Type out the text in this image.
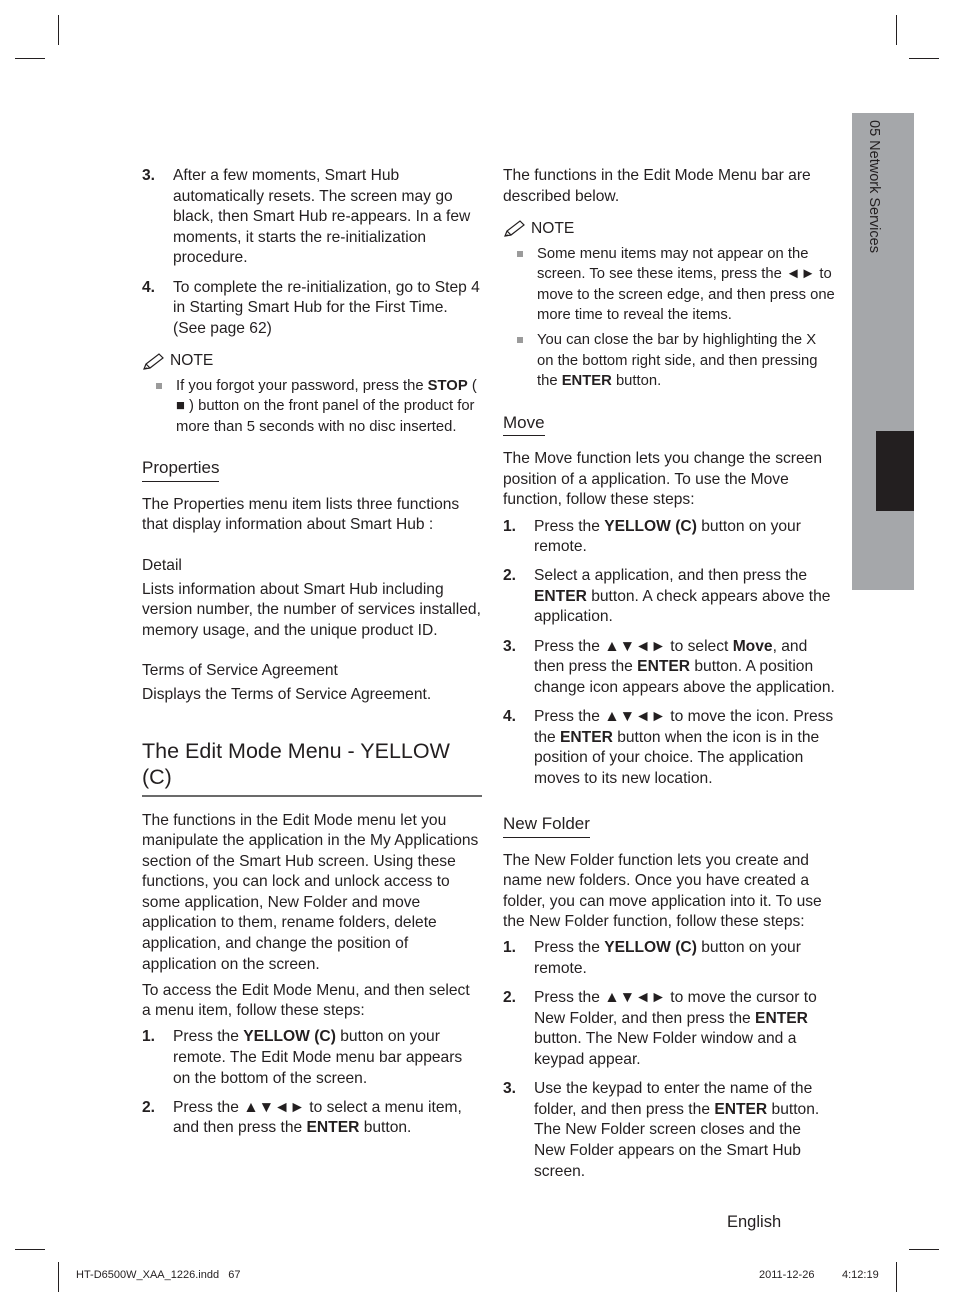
05 Network Services
3. After a few moments, Smart Hub automatically resets. The screen may go black, then Smart Hub re-appears. In a few moments, it starts the re-initialization procedure.
4. To complete the re-initialization, go to Step 4 in Starting Smart Hub for the First Time. (See page 62)
NOTE
If you forgot your password, press the STOP ( ■ ) button on the front panel of the product for more than 5 seconds with no disc inserted.
Properties

The Properties menu item lists three functions that display information about Smart Hub :

Detail

Lists information about Smart Hub including version number, the number of services installed, memory usage, and the unique product ID.

Terms of Service Agreement

Displays the Terms of Service Agreement.

The Edit Mode Menu - YELLOW (C)

The functions in the Edit Mode menu let you manipulate the application in the My Applications section of the Smart Hub screen. Using these functions, you can lock and unlock access to some application, New Folder and move application to them, rename folders, delete application, and change the position of application on the screen.

To access the Edit Mode Menu, and then select a menu item, follow these steps:

1. Press the YELLOW (C) button on your remote. The Edit Mode menu bar appears on the bottom of the screen.
2. Press the ▲▼◄► to select a menu item, and then press the ENTER button.

The functions in the Edit Mode Menu bar are described below.

NOTE
Some menu items may not appear on the screen. To see these items, press the ◄► to move to the screen edge, and then press one more time to reveal the items.
You can close the bar by highlighting the X on the bottom right side, and then pressing the ENTER button.
Move

The Move function lets you change the screen position of a application. To use the Move function, follow these steps:

1. Press the YELLOW (C) button on your remote.
2. Select a application, and then press the ENTER button. A check appears above the application.
3. Press the ▲▼◄► to select Move, and then press the ENTER button. A position change icon appears above the application.
4. Press the ▲▼◄► to move the icon. Press the ENTER button when the icon is in the position of your choice. The application moves to its new location.
New Folder

The New Folder function lets you create and name new folders. Once you have created a folder, you can move application into it. To use the New Folder function, follow these steps:

1. Press the YELLOW (C) button on your remote.
2. Press the ▲▼◄► to move the cursor to New Folder, and then press the ENTER button. The New Folder window and a keypad appear.
3. Use the keypad to enter the name of the folder, and then press the ENTER button. The New Folder screen closes and the New Folder appears on the Smart Hub screen.
English
HT-D6500W_XAA_1226.indd   67	2011-12-26	4:12:19
